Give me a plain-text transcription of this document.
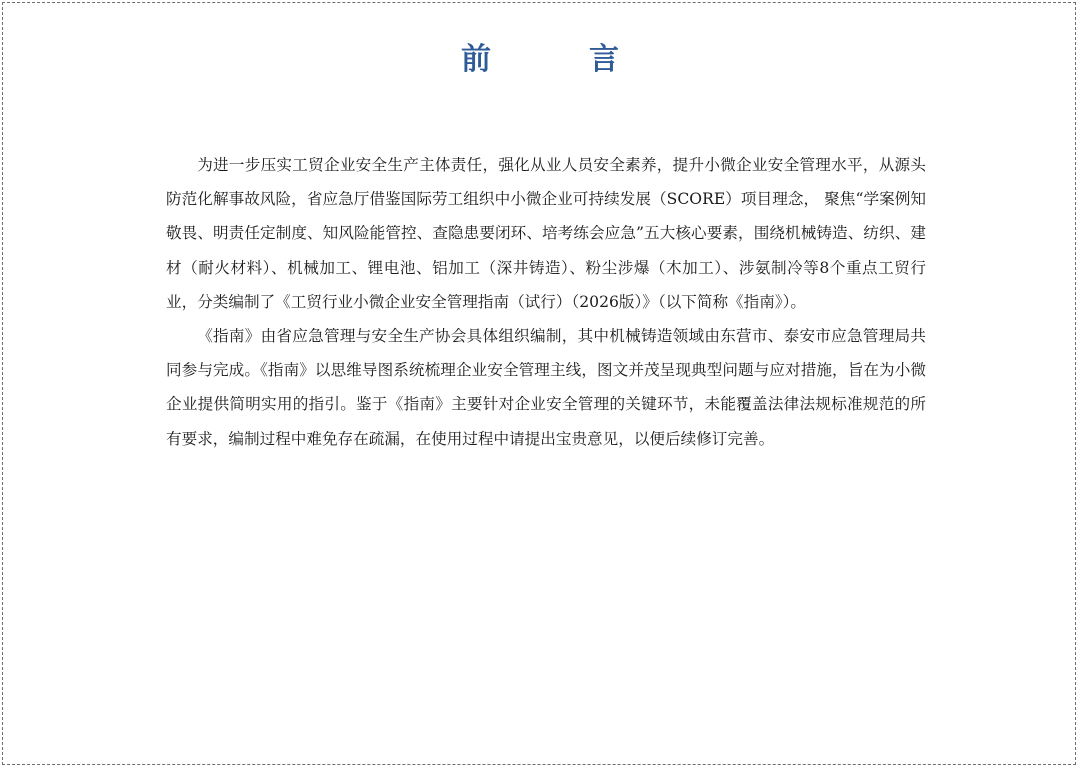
前　言

为进一步压实工贸企业安全生产主体责任，强化从业人员安全素养，提升小微企业安全管理水平，从源头防范化解事故风险，省应急厅借鉴国际劳工组织中小微企业可持续发展（SCORE）项目理念， 聚焦“学案例知敬畏、明责任定制度、知风险能管控、查隐患要闭环、培考练会应急”五大核心要素，围绕机械铸造、纺织、建材（耐火材料）、机械加工、锂电池、铝加工（深井铸造）、粉尘涉爆（木加工）、涉氨制冷等8个重点工贸行业，分类编制了《工贸行业小微企业安全管理指南（试行）（2026版）》（以下简称《指南》）。

《指南》由省应急管理与安全生产协会具体组织编制，其中机械铸造领域由东营市、泰安市应急管理局共同参与完成。《指南》以思维导图系统梳理企业安全管理主线，图文并茂呈现典型问题与应对措施，旨在为小微企业提供简明实用的指引。鉴于《指南》主要针对企业安全管理的关键环节，未能覆盖法律法规标准规范的所有要求，编制过程中难免存在疏漏，在使用过程中请提出宝贵意见，以便后续修订完善。
